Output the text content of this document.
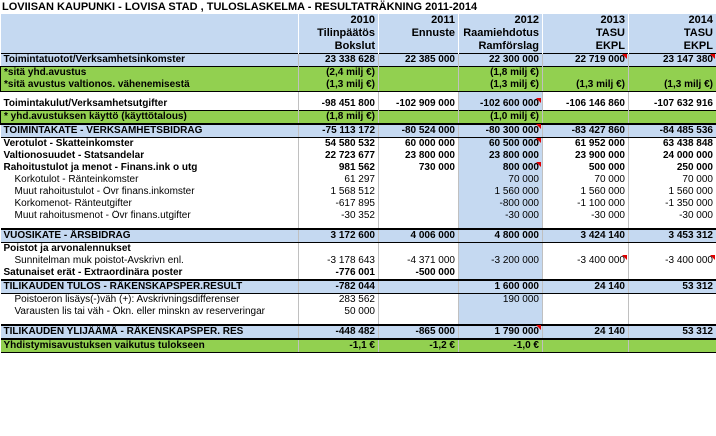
LOVIISAN KAUPUNKI - LOVISA STAD , TULOSLASKELMA - RESULTATRÄKNING 2011-2014
	2010	2011	2012	2013	2014
	Tilinpäätös	Ennuste	Raamiehdotus	TASU	TASU
	Bokslut		Ramförslag	EKPL	EKPL
Toimintatuotot/Verksamhetsinkomster	23 338 628	22 385 000	22 300 000	22 719 000	23 147 380
*sitä yhd.avustus	(2,4 milj €)		(1,8 milj €)		
*sitä avustus valtionos. vähenemisestä	(1,3 milj €)		(1,3 milj €)	(1,3 milj €)	(1,3 milj €)

Toimintakulut/Verksamhetsutgifter	-98 451 800	-102 909 000	-102 600 000	-106 146 860	-107 632 916
* yhd.avustuksen käyttö (käyttötalous)	(1,8 milj €)		(1,0 milj €)		
TOIMINTAKATE - VERKSAMHETSBIDRAG	-75 113 172	-80 524 000	-80 300 000	-83 427 860	-84 485 536
Verotulot - Skatteinkomster	54 580 532	60 000 000	60 500 000	61 952 000	63 438 848
Valtionosuudet - Statsandelar	22 723 677	23 800 000	23 800 000	23 900 000	24 000 000
Rahoitustulot ja menot - Finans.ink o utg	981 562	730 000	800 000	500 000	250 000
Korkotulot - Ränteinkomster	61 297		70 000	70 000	70 000
Muut rahoitustulot - Övr finans.inkomster	1 568 512		1 560 000	1 560 000	1 560 000
Korkomenot- Ränteutgifter	-617 895		-800 000	-1 100 000	-1 350 000
Muut rahoitusmenot - Övr finans.utgifter	-30 352		-30 000	-30 000	-30 000

VUOSIKATE - ÅRSBIDRAG	3 172 600	4 006 000	4 800 000	3 424 140	3 453 312
Poistot ja arvonalennukset					
Sunnitelman muk poistot-Avskrivn enl.	-3 178 643	-4 371 000	-3 200 000	-3 400 000	-3 400 000
Satunaiset erät - Extraordinära poster	-776 001	-500 000			
TILIKAUDEN TULOS - RÄKENSKAPSPER.RESULT	-782 044		1 600 000	24 140	53 312
Poistoeron lisäys(-)väh (+): Avskrivningsdifferenser	283 562		190 000		
Varausten lis tai väh - Ökn. eller minskn av reserveringar	50 000				

TILIKAUDEN YLIJÄÄMÄ - RÄKENSKAPSPER. RES	-448 482	-865 000	1 790 000	24 140	53 312
Yhdistymisavustuksen vaikutus tulokseen	-1,1 €	-1,2 €	-1,0 €		
